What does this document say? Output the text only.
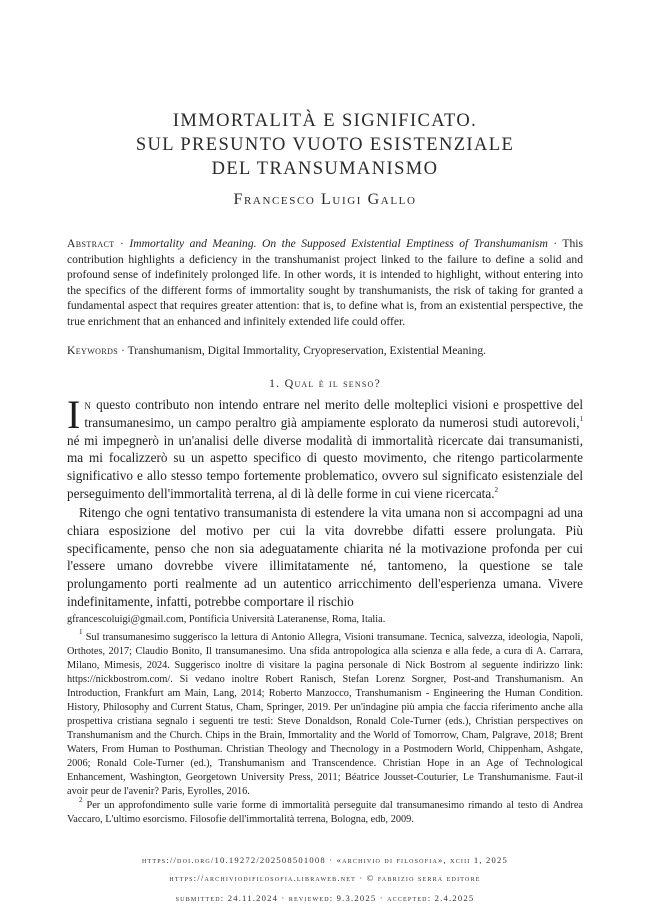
IMMORTALITÀ E SIGNIFICATO.
SUL PRESUNTO VUOTO ESISTENZIALE
DEL TRANSUMANISMO
Francesco Luigi Gallo
Abstract · Immortality and Meaning. On the Supposed Existential Emptiness of Transhumanism · This contribution highlights a deficiency in the transhumanist project linked to the failure to define a solid and profound sense of indefinitely prolonged life. In other words, it is intended to highlight, without entering into the specifics of the different forms of immortality sought by transhumanists, the risk of taking for granted a fundamental aspect that requires greater attention: that is, to define what is, from an existential perspective, the true enrichment that an enhanced and infinitely extended life could offer.
Keywords · Transhumanism, Digital Immortality, Cryopreservation, Existential Meaning.
1. Qual è il senso?
In questo contributo non intendo entrare nel merito delle molteplici visioni e prospettive del transumanesimo, un campo peraltro già ampiamente esplorato da numerosi studi autorevoli,$^1$ né mi impegnerò in un'analisi delle diverse modalità di immortalità ricercate dai transumanisti, ma mi focalizzerò su un aspetto specifico di questo movimento, che ritengo particolarmente significativo e allo stesso tempo fortemente problematico, ovvero sul significato esistenziale del perseguimento dell'immortalità terrena, al di là delle forme in cui viene ricercata.$^2$
Ritengo che ogni tentativo transumanista di estendere la vita umana non si accompagni ad una chiara esposizione del motivo per cui la vita dovrebbe difatti essere prolungata. Più specificamente, penso che non sia adeguatamente chiarita né la motivazione profonda per cui l'essere umano dovrebbe vivere illimitatamente né, tantomeno, la questione se tale prolungamento porti realmente ad un autentico arricchimento dell'esperienza umana. Vivere indefinitamente, infatti, potrebbe comportare il rischio

gfrancescoluigi@gmail.com, Pontificia Università Lateranense, Roma, Italia.

$^1$ Sul transumanesimo suggerisco la lettura di Antonio Allegra, Visioni transumane. Tecnica, salvezza, ideologia, Napoli, Orthotes, 2017; Claudio Bonito, Il transumanesimo. Una sfida antropologica alla scienza e alla fede, a cura di A. Carrara, Milano, Mimesis, 2024. Suggerisco inoltre di visitare la pagina personale di Nick Bostrom al seguente indirizzo link: https://nickbostrom.com/. Si vedano inoltre Robert Ranisch, Stefan Lorenz Sorgner, Post-and Transhumanism. An Introduction, Frankfurt am Main, Lang, 2014; Roberto Manzocco, Transhumanism - Engineering the Human Condition. History, Philosophy and Current Status, Cham, Springer, 2019. Per un'indagine più ampia che faccia riferimento anche alla prospettiva cristiana segnalo i seguenti tre testi: Steve Donaldson, Ronald Cole-Turner (eds.), Christian perspectives on Transhumanism and the Church. Chips in the Brain, Immortality and the World of Tomorrow, Cham, Palgrave, 2018; Brent Waters, From Human to Posthuman. Christian Theology and Thecnology in a Postmodern World, Chippenham, Ashgate, 2006; Ronald Cole-Turner (ed.), Transhumanism and Transcendence. Christian Hope in an Age of Technological Enhancement, Washington, Georgetown University Press, 2011; Béatrice Jousset-Couturier, Le Transhumanisme. Faut-il avoir peur de l'avenir? Paris, Eyrolles, 2016.

$^2$ Per un approfondimento sulle varie forme di immortalità perseguite dal transumanesimo rimando al testo di Andrea Vaccaro, L'ultimo esorcismo. Filosofie dell'immortalità terrena, Bologna, edb, 2009.

https://doi.org/10.19272/202508501008 · «archivio di filosofia», xciii 1, 2025
https://archiviodifilosofia.libraweb.net · © fabrizio serra editore
submitted: 24.11.2024 · reviewed: 9.3.2025 · accepted: 2.4.2025
